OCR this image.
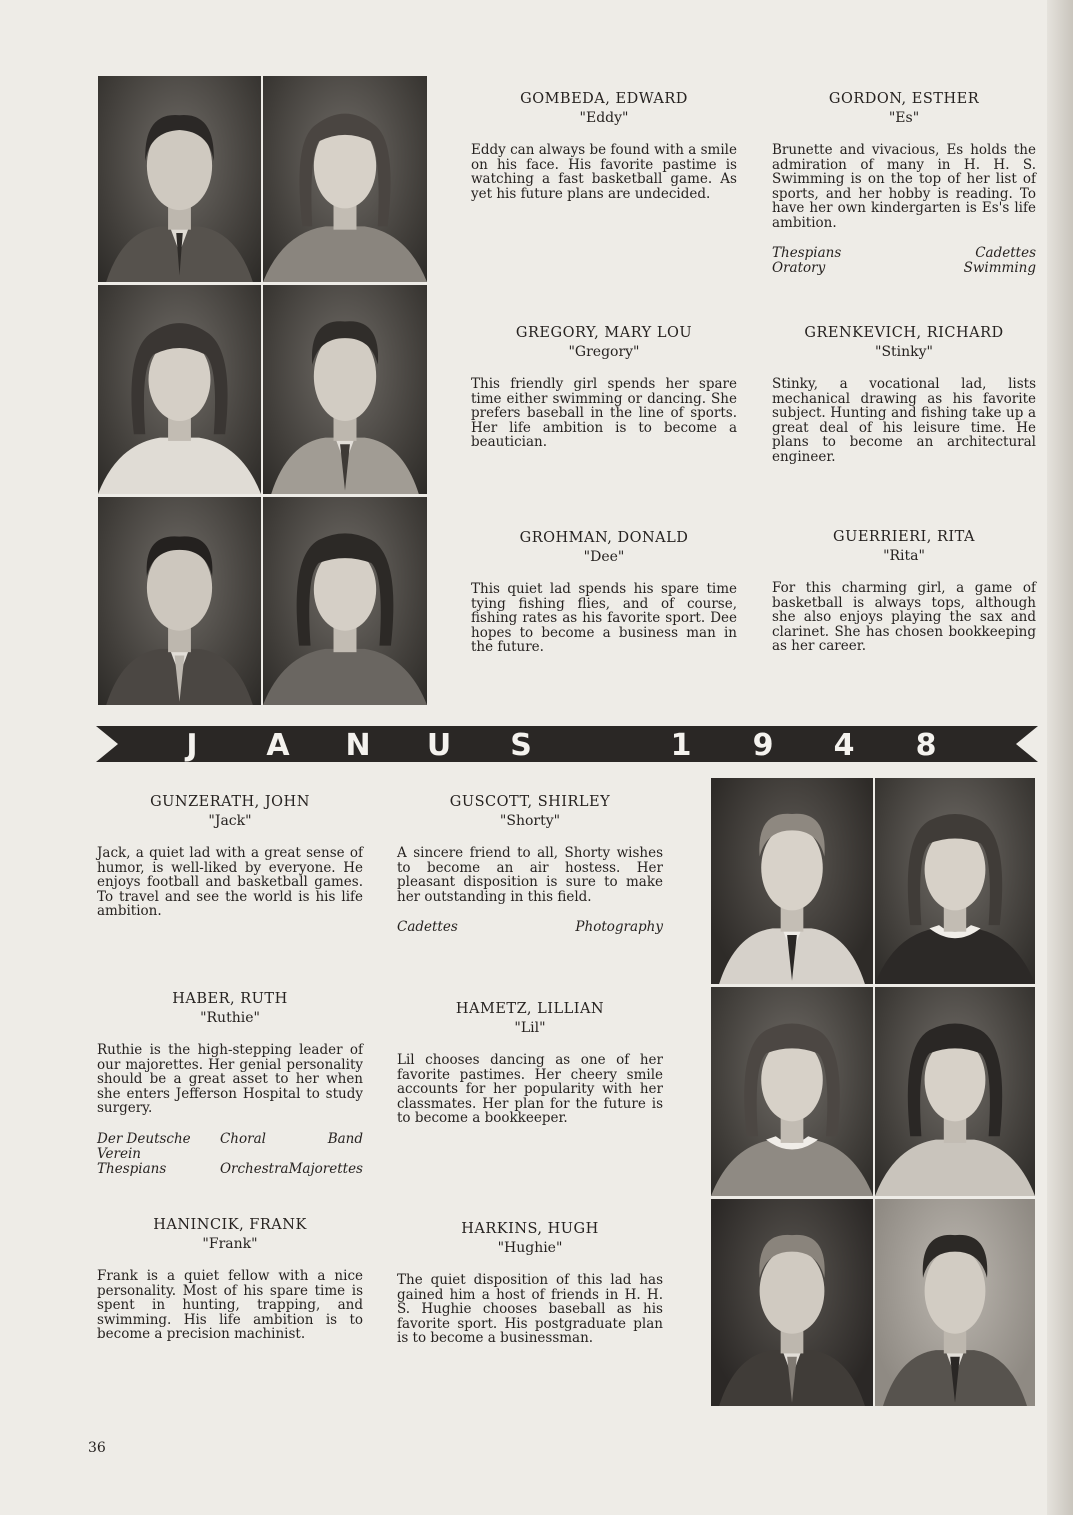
GOMBEDA, EDWARD

"Eddy"

Eddy can always be found with a smile on his face. His favorite pastime is watching a fast basketball game. As yet his future plans are undecided.

GORDON, ESTHER

"Es"

Brunette and vivacious, Es holds the admiration of many in H. H. S. Swimming is on the top of her list of sports, and her hobby is reading. To have her own kindergarten is Es's life ambition.

Thespians	Cadettes
Oratory	Swimming

GREGORY, MARY LOU

"Gregory"

This friendly girl spends her spare time either swimming or dancing. She prefers baseball in the line of sports. Her life ambition is to become a beautician.

GRENKEVICH, RICHARD

"Stinky"

Stinky, a vocational lad, lists mechanical drawing as his favorite subject. Hunting and fishing take up a great deal of his leisure time. He plans to become an architectural engineer.

GROHMAN, DONALD

"Dee"

This quiet lad spends his spare time tying fishing flies, and of course, fishing rates as his favorite sport. Dee hopes to become a business man in the future.

GUERRIERI, RITA

"Rita"

For this charming girl, a game of basketball is always tops, although she also enjoys playing the sax and clarinet. She has chosen bookkeeping as her career.

J A N U S	1 9 4 8

GUNZERATH, JOHN

"Jack"

Jack, a quiet lad with a great sense of humor, is well-liked by everyone. He enjoys football and basketball games. To travel and see the world is his life ambition.

GUSCOTT, SHIRLEY

"Shorty"

A sincere friend to all, Shorty wishes to become an air hostess. Her pleasant disposition is sure to make her outstanding in this field.

Cadettes	Photography

HABER, RUTH

"Ruthie"

Ruthie is the high-stepping leader of our majorettes. Her genial personality should be a great asset to her when she enters Jefferson Hospital to study surgery.

Der Deutsche Verein
Choral	Band
Thespians	Orchestra Majorettes

HAMETZ, LILLIAN

"Lil"

Lil chooses dancing as one of her favorite pastimes. Her cheery smile accounts for her popularity with her classmates. Her plan for the future is to become a bookkeeper.

HANINCIK, FRANK

"Frank"

Frank is a quiet fellow with a nice personality. Most of his spare time is spent in hunting, trapping, and swimming. His life ambition is to become a precision machinist.

HARKINS, HUGH

"Hughie"

The quiet disposition of this lad has gained him a host of friends in H. H. S. Hughie chooses baseball as his favorite sport. His postgraduate plan is to become a businessman.

36
